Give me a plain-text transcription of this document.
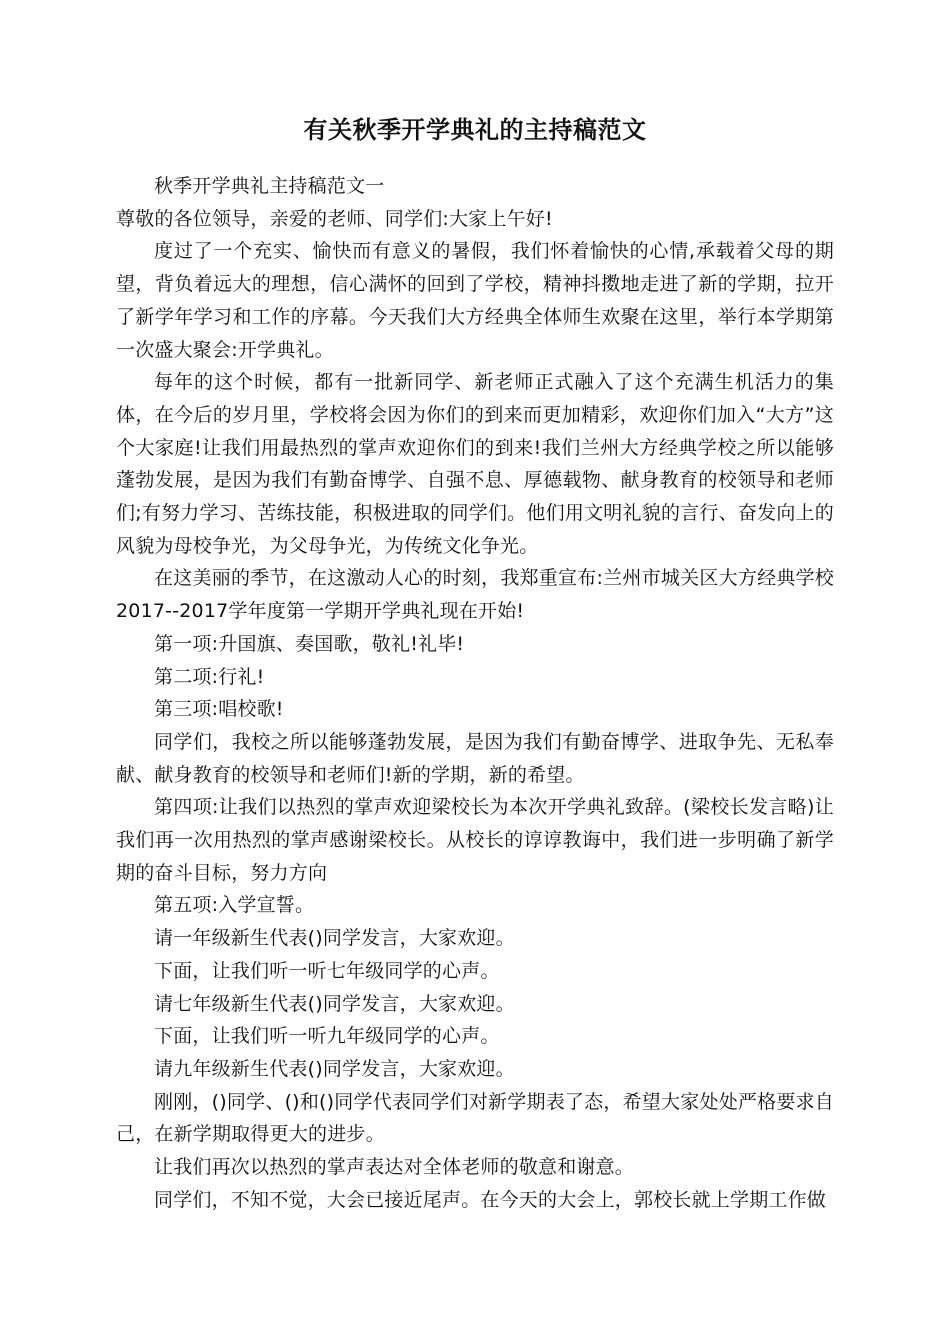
有关秋季开学典礼的主持稿范文

秋季开学典礼主持稿范文一

尊敬的各位领导，亲爱的老师、同学们:大家上午好!

度过了一个充实、愉快而有意义的暑假，我们怀着愉快的心情,承载着父母的期望，背负着远大的理想，信心满怀的回到了学校，精神抖擞地走进了新的学期，拉开了新学年学习和工作的序幕。今天我们大方经典全体师生欢聚在这里，举行本学期第一次盛大聚会:开学典礼。

每年的这个时候，都有一批新同学、新老师正式融入了这个充满生机活力的集体，在今后的岁月里，学校将会因为你们的到来而更加精彩，欢迎你们加入“大方”这个大家庭!让我们用最热烈的掌声欢迎你们的到来!我们兰州大方经典学校之所以能够蓬勃发展，是因为我们有勤奋博学、自强不息、厚德载物、献身教育的校领导和老师们;有努力学习、苦练技能，积极进取的同学们。他们用文明礼貌的言行、奋发向上的风貌为母校争光，为父母争光，为传统文化争光。

在这美丽的季节，在这激动人心的时刻，我郑重宣布:兰州市城关区大方经典学校2017--2017学年度第一学期开学典礼现在开始!

第一项:升国旗、奏国歌，敬礼!礼毕!

第二项:行礼!

第三项:唱校歌!

同学们，我校之所以能够蓬勃发展，是因为我们有勤奋博学、进取争先、无私奉献、献身教育的校领导和老师们!新的学期，新的希望。

第四项:让我们以热烈的掌声欢迎梁校长为本次开学典礼致辞。(梁校长发言略)让我们再一次用热烈的掌声感谢梁校长。从校长的谆谆教诲中，我们进一步明确了新学期的奋斗目标，努力方向

第五项:入学宣誓。

请一年级新生代表()同学发言，大家欢迎。

下面，让我们听一听七年级同学的心声。

请七年级新生代表()同学发言，大家欢迎。

下面，让我们听一听九年级同学的心声。

请九年级新生代表()同学发言，大家欢迎。

刚刚，()同学、()和()同学代表同学们对新学期表了态，希望大家处处严格要求自己，在新学期取得更大的进步。

让我们再次以热烈的掌声表达对全体老师的敬意和谢意。

同学们，不知不觉，大会已接近尾声。在今天的大会上，郭校长就上学期工作做
